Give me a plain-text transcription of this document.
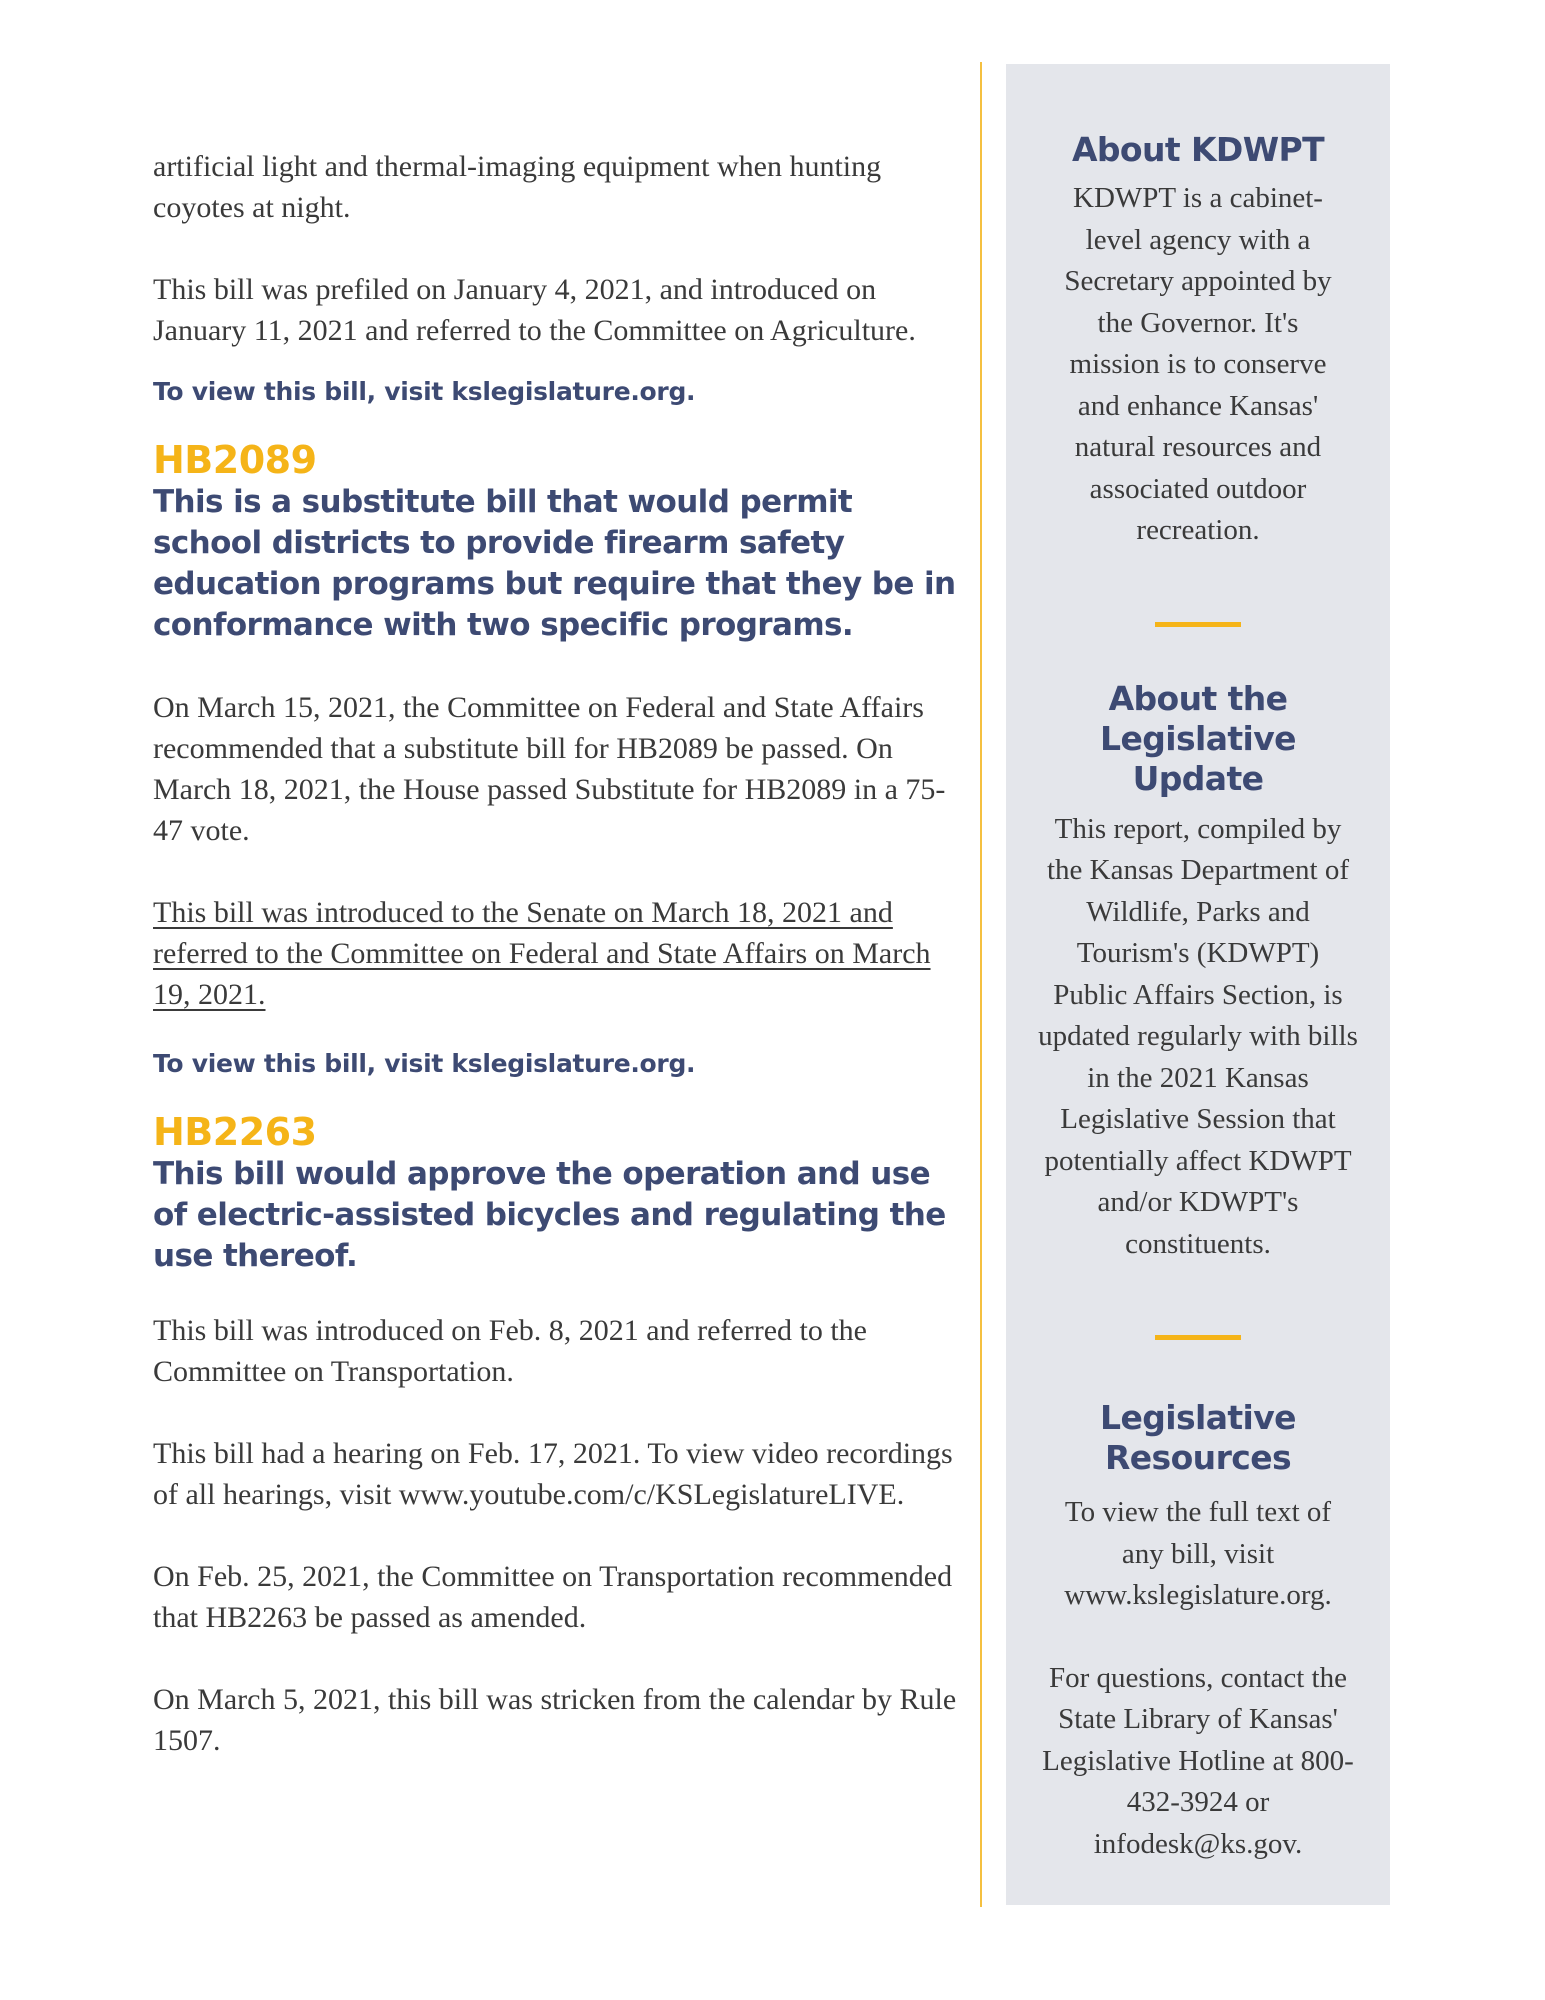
artificial light and thermal-imaging equipment when hunting coyotes at night.

This bill was prefiled on January 4, 2021, and introduced on January 11, 2021 and referred to the Committee on Agriculture.

To view this bill, visit kslegislature.org.

HB2089

This is a substitute bill that would permit school districts to provide firearm safety education programs but require that they be in conformance with two specific programs.

On March 15, 2021, the Committee on Federal and State Affairs recommended that a substitute bill for HB2089 be passed. On March 18, 2021, the House passed Substitute for HB2089 in a 75-47 vote.

This bill was introduced to the Senate on March 18, 2021 and referred to the Committee on Federal and State Affairs on March 19, 2021.

To view this bill, visit kslegislature.org.

HB2263

This bill would approve the operation and use of electric-assisted bicycles and regulating the use thereof.

This bill was introduced on Feb. 8, 2021 and referred to the Committee on Transportation.

This bill had a hearing on Feb. 17, 2021. To view video recordings of all hearings, visit www.youtube.com/c/KSLegislatureLIVE.

On Feb. 25, 2021, the Committee on Transportation recommended that HB2263 be passed as amended.

On March 5, 2021, this bill was stricken from the calendar by Rule 1507.

About KDWPT

KDWPT is a cabinet-level agency with a Secretary appointed by the Governor. It's mission is to conserve and enhance Kansas' natural resources and associated outdoor recreation.

About the Legislative Update

This report, compiled by the Kansas Department of Wildlife, Parks and Tourism's (KDWPT) Public Affairs Section, is updated regularly with bills in the 2021 Kansas Legislative Session that potentially affect KDWPT and/or KDWPT's constituents.

Legislative Resources

To view the full text of any bill, visit www.kslegislature.org.

For questions, contact the State Library of Kansas' Legislative Hotline at 800-432-3924 or infodesk@ks.gov.
